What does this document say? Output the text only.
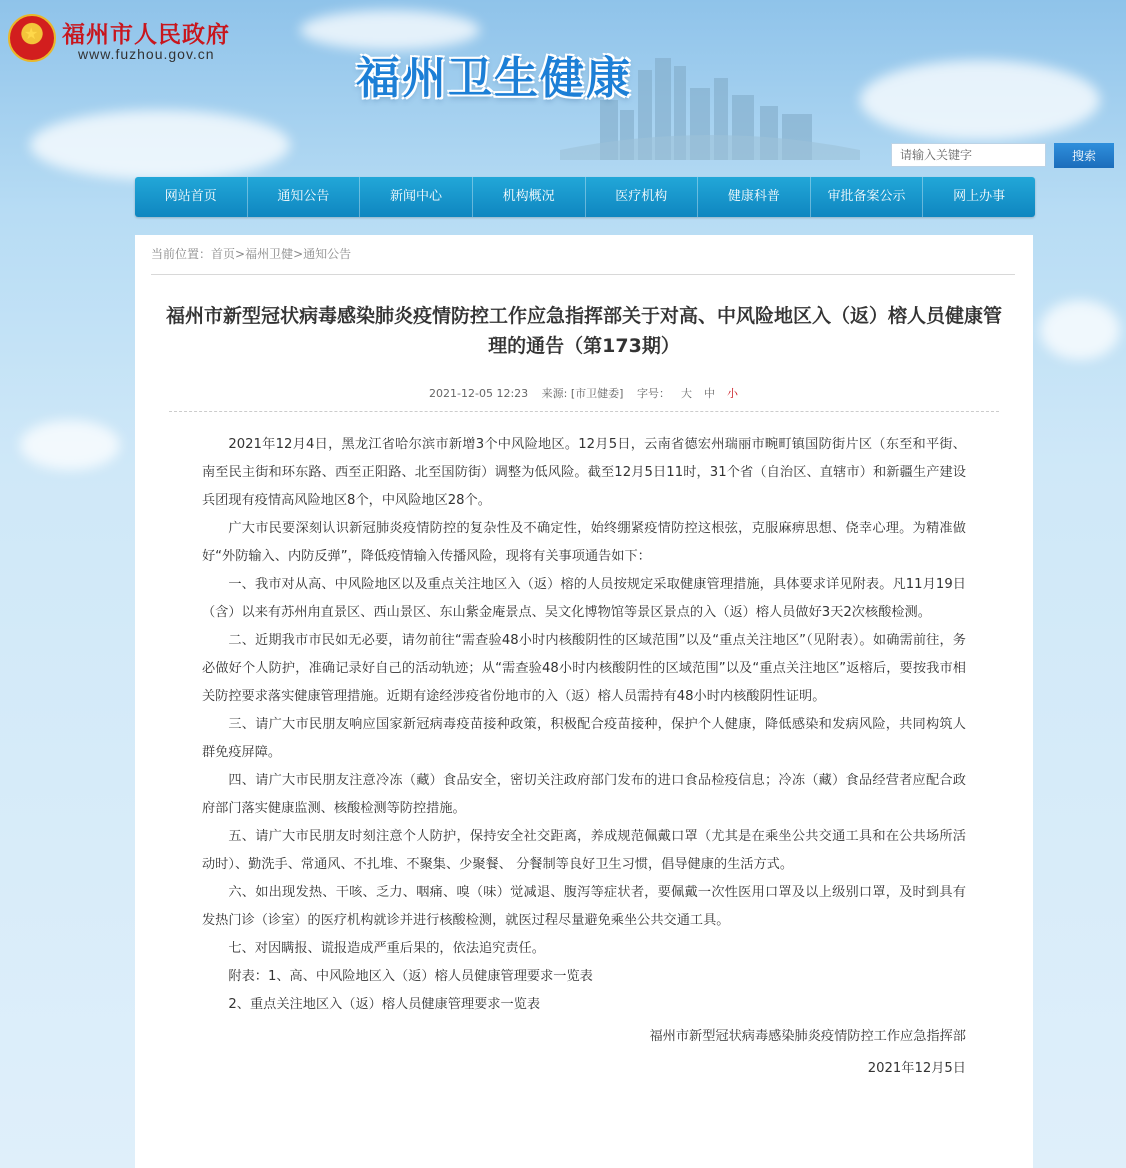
★
福州市人民政府
www.fuzhou.gov.cn	福州卫生健康
请输入关键字
搜索
网站首页	通知公告	新闻中心	机构概况	医疗机构	健康科普	审批备案公示	网上办事
当前位置：首页>福州卫健>通知公告
福州市新型冠状病毒感染肺炎疫情防控工作应急指挥部关于对高、中风险地区入（返）榕人员健康管理的通告（第173期）
2021-12-05 12:23 来源: [市卫健委] 字号： 大 中 小

2021年12月4日，黑龙江省哈尔滨市新增3个中风险地区。12月5日，云南省德宏州瑞丽市畹町镇国防街片区（东至和平街、南至民主街和环东路、西至正阳路、北至国防街）调整为低风险。截至12月5日11时，31个省（自治区、直辖市）和新疆生产建设兵团现有疫情高风险地区8个，中风险地区28个。

广大市民要深刻认识新冠肺炎疫情防控的复杂性及不确定性，始终绷紧疫情防控这根弦，克服麻痹思想、侥幸心理。为精准做好“外防输入、内防反弹”，降低疫情输入传播风险，现将有关事项通告如下：

一、我市对从高、中风险地区以及重点关注地区入（返）榕的人员按规定采取健康管理措施，具体要求详见附表。凡11月19日（含）以来有苏州甪直景区、西山景区、东山紫金庵景点、吴文化博物馆等景区景点的入（返）榕人员做好3天2次核酸检测。

二、近期我市市民如无必要，请勿前往“需查验48小时内核酸阴性的区域范围”以及“重点关注地区”（见附表）。如确需前往，务必做好个人防护，准确记录好自己的活动轨迹；从“需查验48小时内核酸阴性的区域范围”以及“重点关注地区”返榕后，要按我市相关防控要求落实健康管理措施。近期有途经涉疫省份地市的入（返）榕人员需持有48小时内核酸阴性证明。

三、请广大市民朋友响应国家新冠病毒疫苗接种政策，积极配合疫苗接种，保护个人健康，降低感染和发病风险，共同构筑人群免疫屏障。

四、请广大市民朋友注意冷冻（藏）食品安全，密切关注政府部门发布的进口食品检疫信息；冷冻（藏）食品经营者应配合政府部门落实健康监测、核酸检测等防控措施。

五、请广大市民朋友时刻注意个人防护，保持安全社交距离，养成规范佩戴口罩（尤其是在乘坐公共交通工具和在公共场所活动时）、勤洗手、常通风、不扎堆、不聚集、少聚餐、 分餐制等良好卫生习惯，倡导健康的生活方式。

六、如出现发热、干咳、乏力、咽痛、嗅（味）觉减退、腹泻等症状者，要佩戴一次性医用口罩及以上级别口罩，及时到具有发热门诊（诊室）的医疗机构就诊并进行核酸检测，就医过程尽量避免乘坐公共交通工具。

七、对因瞒报、谎报造成严重后果的，依法追究责任。

附表：1、高、中风险地区入（返）榕人员健康管理要求一览表

2、重点关注地区入（返）榕人员健康管理要求一览表

福州市新型冠状病毒感染肺炎疫情防控工作应急指挥部

2021年12月5日
